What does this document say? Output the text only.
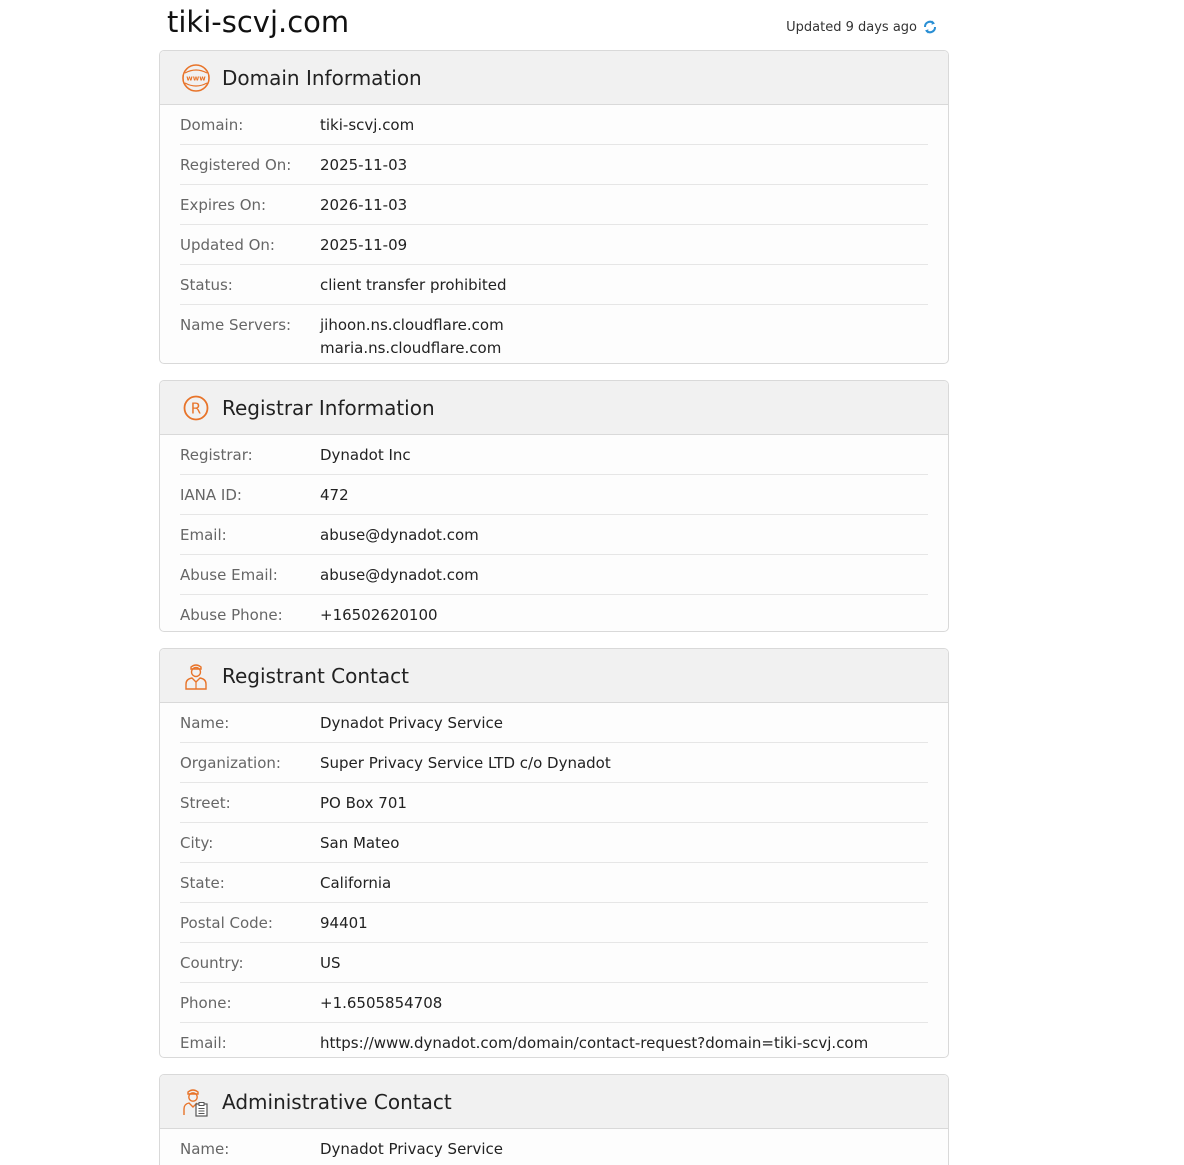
tiki-scvj.com	Updated 9 days ago
www Domain Information
Domain:	tiki-scvj.com
Registered On:	2025-11-03
Expires On:	2026-11-03
Updated On:	2025-11-09
Status:	client transfer prohibited
Name Servers:	jihoon.ns.cloudflare.com
maria.ns.cloudflare.com
R Registrar Information
Registrar:	Dynadot Inc
IANA ID:	472
Email:	abuse@dynadot.com
Abuse Email:	abuse@dynadot.com
Abuse Phone:	+16502620100
Registrant Contact
Name:	Dynadot Privacy Service
Organization:	Super Privacy Service LTD c/o Dynadot
Street:	PO Box 701
City:	San Mateo
State:	California
Postal Code:	94401
Country:	US
Phone:	+1.6505854708
Email:	https://www.dynadot.com/domain/contact-request?domain=tiki-scvj.com
Administrative Contact
Name:	Dynadot Privacy Service
